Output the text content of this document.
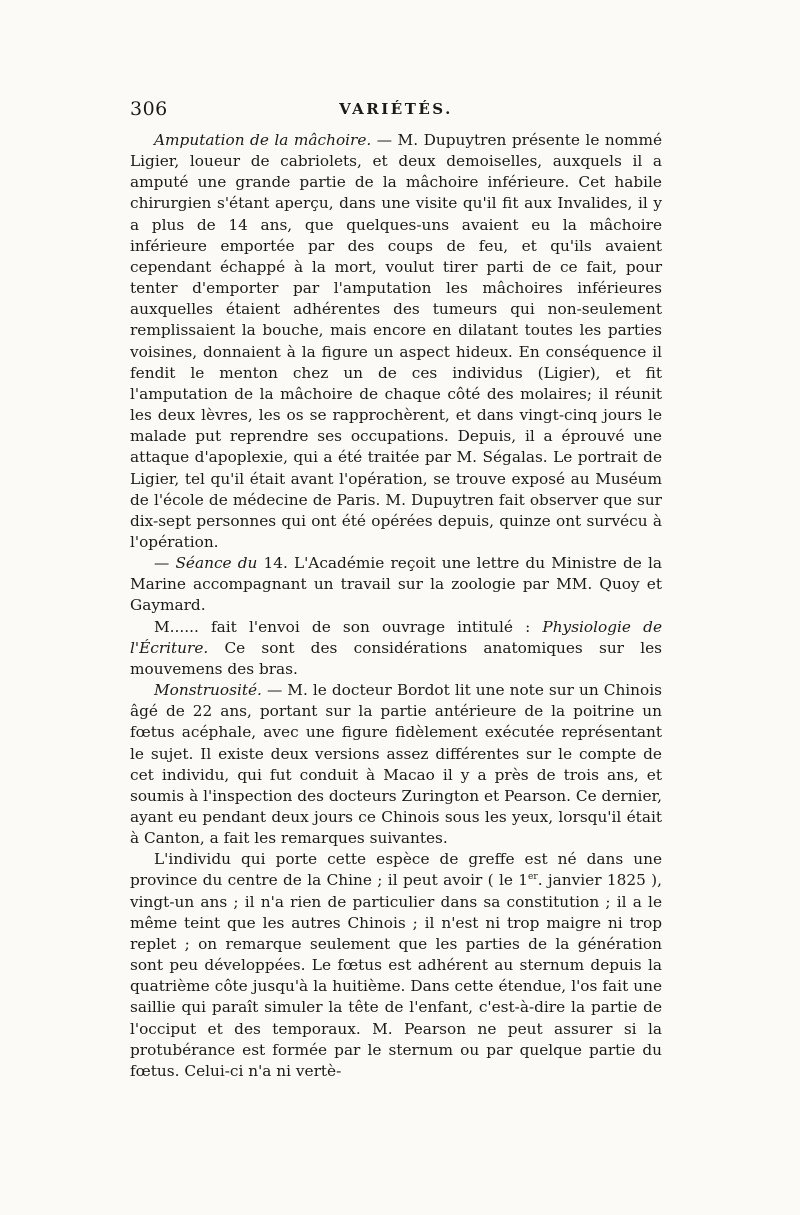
306	VARIÉTÉS.

Amputation de la mâchoire. — M. Dupuytren présente le nommé Ligier, loueur de cabriolets, et deux demoiselles, auxquels il a amputé une grande partie de la mâchoire inférieure. Cet habile chirurgien s'étant aperçu, dans une visite qu'il fit aux Invalides, il y a plus de 14 ans, que quelques-uns avaient eu la mâchoire inférieure emportée par des coups de feu, et qu'ils avaient cependant échappé à la mort, voulut tirer parti de ce fait, pour tenter d'emporter par l'amputation les mâchoires inférieures auxquelles étaient adhérentes des tumeurs qui non-seulement remplissaient la bouche, mais encore en dilatant toutes les parties voisines, donnaient à la figure un aspect hideux. En conséquence il fendit le menton chez un de ces individus (Ligier), et fit l'amputation de la mâchoire de chaque côté des molaires; il réunit les deux lèvres, les os se rapprochèrent, et dans vingt-cinq jours le malade put reprendre ses occupations. Depuis, il a éprouvé une attaque d'apoplexie, qui a été traitée par M. Ségalas. Le portrait de Ligier, tel qu'il était avant l'opération, se trouve exposé au Muséum de l'école de médecine de Paris. M. Dupuytren fait observer que sur dix-sept personnes qui ont été opérées depuis, quinze ont survécu à l'opération.

— Séance du 14. L'Académie reçoit une lettre du Ministre de la Marine accompagnant un travail sur la zoologie par MM. Quoy et Gaymard.

M...... fait l'envoi de son ouvrage intitulé : Physiologie de l'Écriture. Ce sont des considérations anatomiques sur les mouvemens des bras.

Monstruosité. — M. le docteur Bordot lit une note sur un Chinois âgé de 22 ans, portant sur la partie antérieure de la poitrine un fœtus acéphale, avec une figure fidèlement exécutée représentant le sujet. Il existe deux versions assez différentes sur le compte de cet individu, qui fut conduit à Macao il y a près de trois ans, et soumis à l'inspection des docteurs Zurington et Pearson. Ce dernier, ayant eu pendant deux jours ce Chinois sous les yeux, lorsqu'il était à Canton, a fait les remarques suivantes.

L'individu qui porte cette espèce de greffe est né dans une province du centre de la Chine ; il peut avoir ( le 1er. janvier 1825 ), vingt-un ans ; il n'a rien de particulier dans sa constitution ; il a le même teint que les autres Chinois ; il n'est ni trop maigre ni trop replet ; on remarque seulement que les parties de la génération sont peu développées. Le fœtus est adhérent au sternum depuis la quatrième côte jusqu'à la huitième. Dans cette étendue, l'os fait une saillie qui paraît simuler la tête de l'enfant, c'est-à-dire la partie de l'occiput et des temporaux. M. Pearson ne peut assurer si la protubérance est formée par le sternum ou par quelque partie du fœtus. Celui-ci n'a ni vertè-
